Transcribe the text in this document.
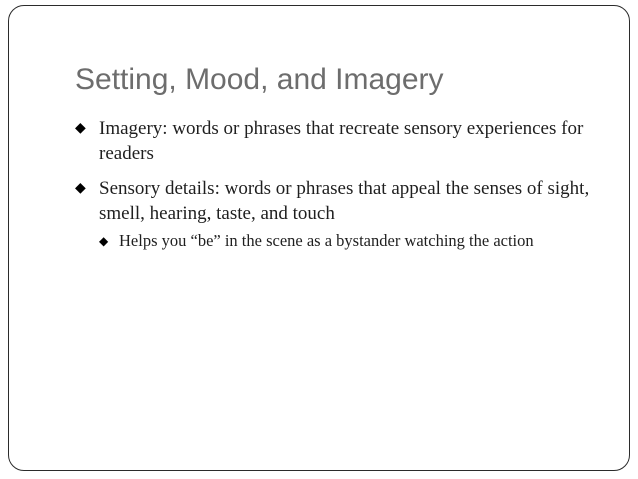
Setting, Mood, and Imagery
◆ Imagery: words or phrases that recreate sensory experiences for readers
◆ Sensory details: words or phrases that appeal the senses of sight, smell, hearing, taste, and touch
◆ Helps you “be” in the scene as a bystander watching the action
